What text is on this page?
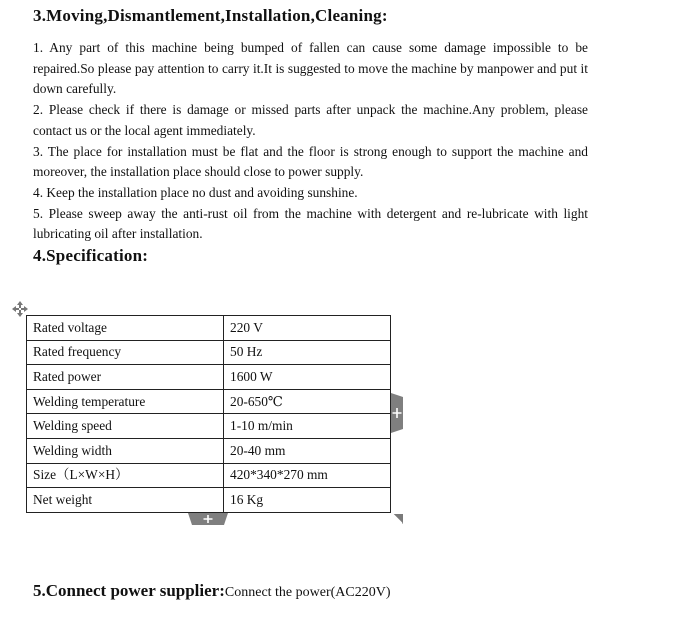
3.Moving,Dismantlement,Installation,Cleaning:

1. Any part of this machine being bumped of fallen can cause some damage impossible to be repaired.So please pay attention to carry it.It is suggested to move the machine by manpower and put it down carefully.

2. Please check if there is damage or missed parts after unpack the machine.Any problem, please contact us or the local agent immediately.

3. The place for installation must be flat and the floor is strong enough to support the machine and moreover, the installation place should close to power supply.

4. Keep the installation place no dust and avoiding sunshine.

5. Please sweep away the anti-rust oil from the machine with detergent and re-lubricate with light lubricating oil after installation.

4.Specification:
Rated voltage	220 V
Rated frequency	50 Hz
Rated power	1600 W
Welding temperature	20-650℃
Welding speed	1-10 m/min
Welding width	20-40 mm
Size（L×W×H）	420*340*270 mm
Net weight	16 Kg
5.Connect power supplier:Connect the power(AC220V)
